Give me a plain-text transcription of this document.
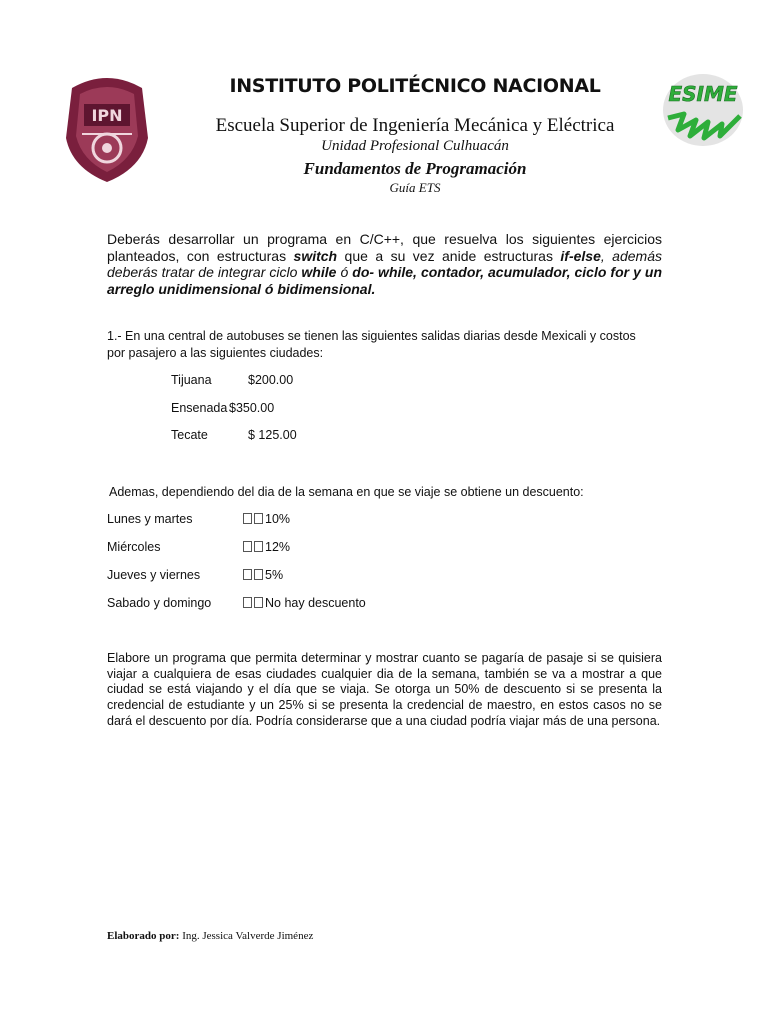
IPN
ESIME
INSTITUTO POLITÉCNICO NACIONAL
Escuela Superior de Ingeniería Mecánica y Eléctrica
Unidad Profesional Culhuacán
Fundamentos de Programación
Guía ETS
Deberás desarrollar un programa en C/C++, que resuelva los siguientes ejercicios planteados, con estructuras switch que a su vez anide estructuras if-else, además deberás tratar de integrar ciclo while ó do- while, contador, acumulador, ciclo for y un arreglo unidimensional ó bidimensional.
1.- En una central de autobuses se tienen las siguientes salidas diarias desde Mexicali y costos por pasajero a las siguientes ciudades:
Tijuana	$200.00
Ensenada $350.00
Tecate	$ 125.00
Ademas, dependiendo del dia de la semana en que se viaje se obtiene un descuento:
Lunes y martes	10%
Miércoles	12%
Jueves y viernes	5%
Sabado y domingo	No hay descuento
Elabore un programa que permita determinar y mostrar cuanto se pagaría de pasaje si se quisiera viajar a cualquiera de esas ciudades cualquier dia de la semana, también se va a mostrar a que ciudad se está viajando y el día que se viaja. Se otorga un 50% de descuento si se presenta la credencial de estudiante y un 25% si se presenta la credencial de maestro, en estos casos no se dará el descuento por día. Podría considerarse que a una ciudad podría viajar más de una persona.
Elaborado por: Ing. Jessica Valverde Jiménez
